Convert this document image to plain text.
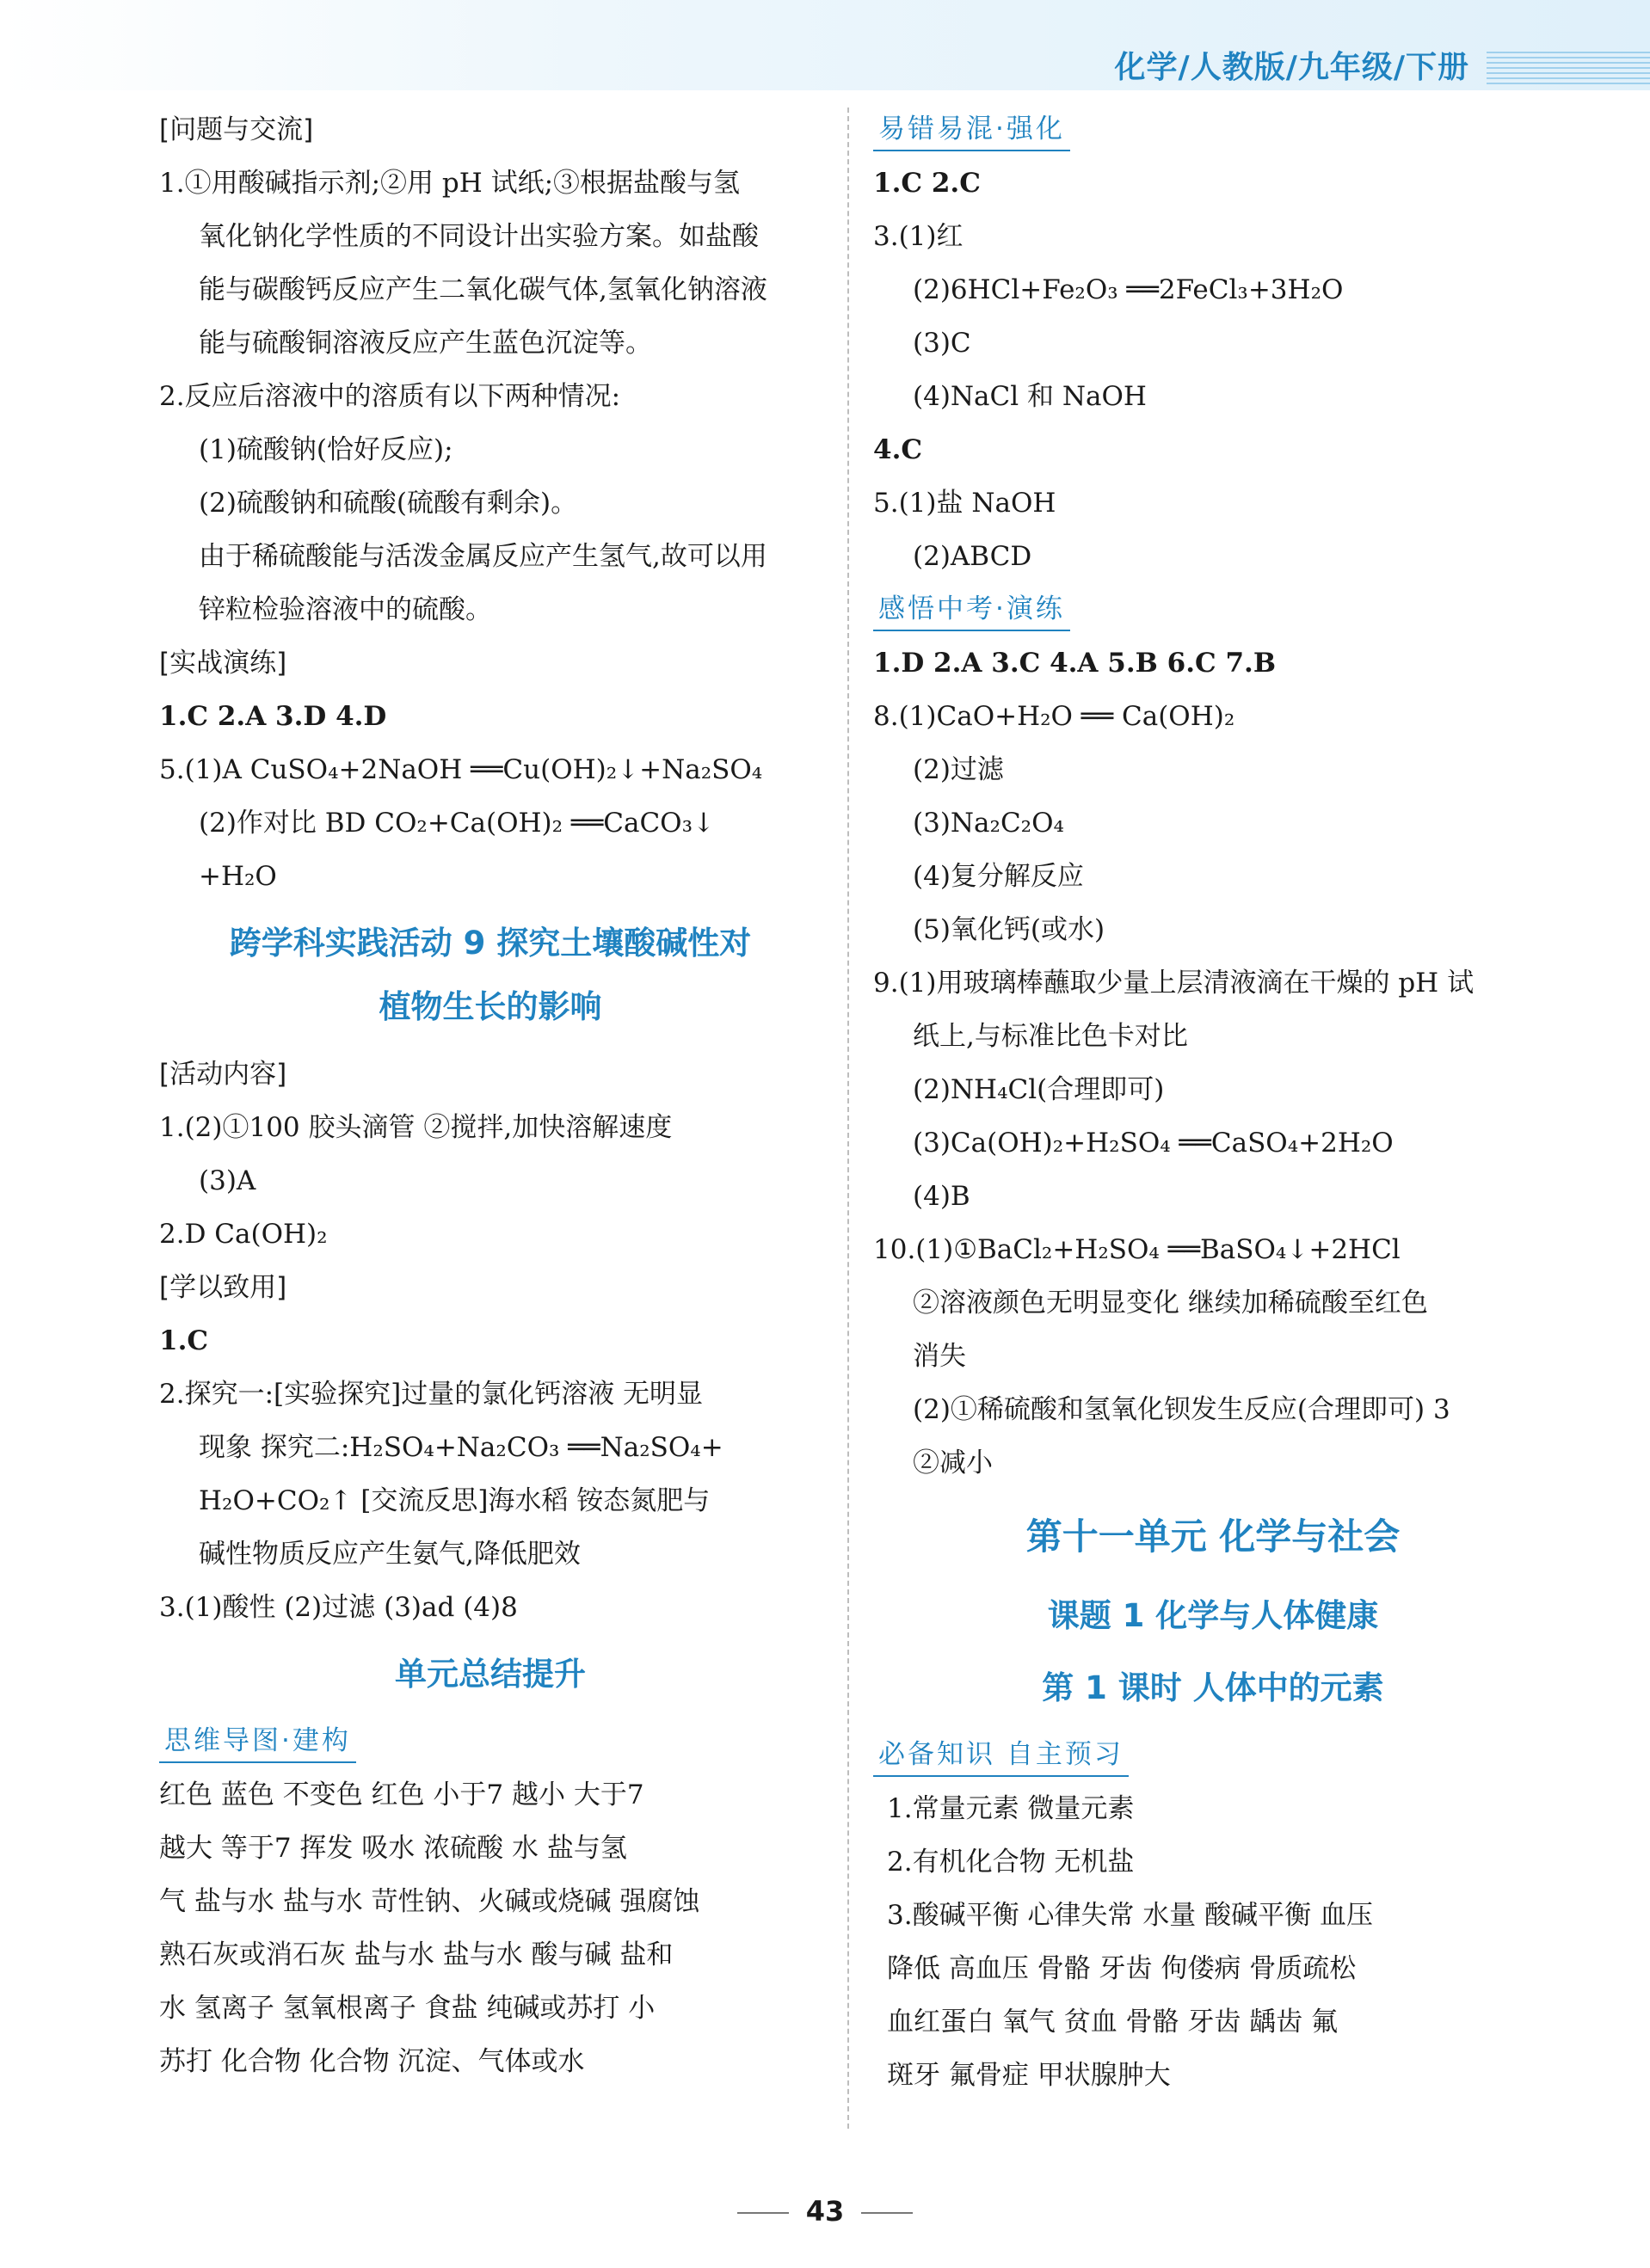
化学/人教版/九年级/下册

[问题与交流]

1.①用酸碱指示剂;②用 pH 试纸;③根据盐酸与氢

氧化钠化学性质的不同设计出实验方案。如盐酸

能与碳酸钙反应产生二氧化碳气体,氢氧化钠溶液

能与硫酸铜溶液反应产生蓝色沉淀等。

2.反应后溶液中的溶质有以下两种情况:

(1)硫酸钠(恰好反应);

(2)硫酸钠和硫酸(硫酸有剩余)。

由于稀硫酸能与活泼金属反应产生氢气,故可以用

锌粒检验溶液中的硫酸。

[实战演练]

1.C 2.A 3.D 4.D

5.(1)A CuSO₄+2NaOH ══Cu(OH)₂↓+Na₂SO₄

(2)作对比 BD CO₂+Ca(OH)₂ ══CaCO₃↓

+H₂O

跨学科实践活动 9 探究土壤酸碱性对
植物生长的影响

[活动内容]

1.(2)①100 胶头滴管 ②搅拌,加快溶解速度

(3)A

2.D Ca(OH)₂

[学以致用]

1.C

2.探究一:[实验探究]过量的氯化钙溶液 无明显

现象 探究二:H₂SO₄+Na₂CO₃ ══Na₂SO₄+

H₂O+CO₂↑ [交流反思]海水稻 铵态氮肥与

碱性物质反应产生氨气,降低肥效

3.(1)酸性 (2)过滤 (3)ad (4)8

单元总结提升
思维导图·建构

红色 蓝色 不变色 红色 小于7 越小 大于7

越大 等于7 挥发 吸水 浓硫酸 水 盐与氢

气 盐与水 盐与水 苛性钠、火碱或烧碱 强腐蚀

熟石灰或消石灰 盐与水 盐与水 酸与碱 盐和

水 氢离子 氢氧根离子 食盐 纯碱或苏打 小

苏打 化合物 化合物 沉淀、气体或水

易错易混·强化

1.C 2.C

3.(1)红

(2)6HCl+Fe₂O₃ ══2FeCl₃+3H₂O

(3)C

(4)NaCl 和 NaOH

4.C

5.(1)盐 NaOH

(2)ABCD

感悟中考·演练

1.D 2.A 3.C 4.A 5.B 6.C 7.B

8.(1)CaO+H₂O ══ Ca(OH)₂

(2)过滤

(3)Na₂C₂O₄

(4)复分解反应

(5)氧化钙(或水)

9.(1)用玻璃棒蘸取少量上层清液滴在干燥的 pH 试

纸上,与标准比色卡对比

(2)NH₄Cl(合理即可)

(3)Ca(OH)₂+H₂SO₄ ══CaSO₄+2H₂O

(4)B

10.(1)①BaCl₂+H₂SO₄ ══BaSO₄↓+2HCl

②溶液颜色无明显变化 继续加稀硫酸至红色

消失

(2)①稀硫酸和氢氧化钡发生反应(合理即可) 3

②减小

第十一单元 化学与社会
课题 1 化学与人体健康
第 1 课时 人体中的元素
必备知识 自主预习

1.常量元素 微量元素

2.有机化合物 无机盐

3.酸碱平衡 心律失常 水量 酸碱平衡 血压

降低 高血压 骨骼 牙齿 佝偻病 骨质疏松

血红蛋白 氧气 贫血 骨骼 牙齿 龋齿 氟

斑牙 氟骨症 甲状腺肿大

43
